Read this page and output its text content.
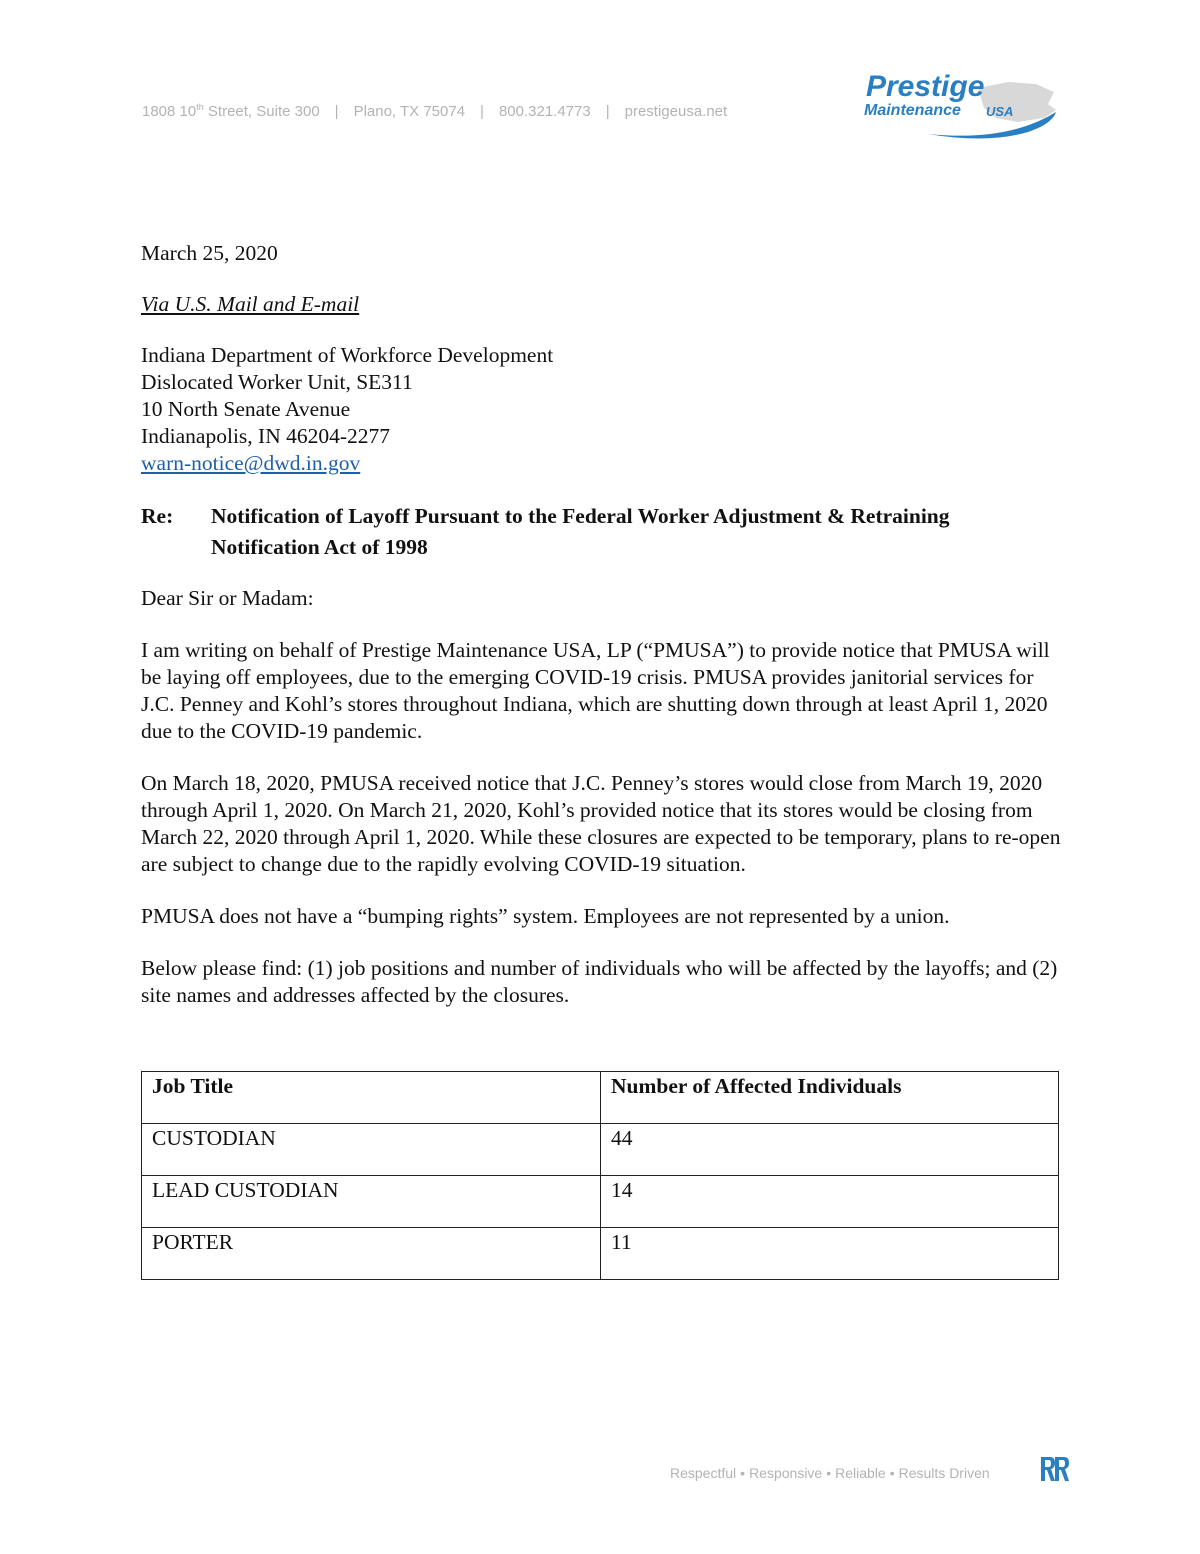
1808 10th Street, Suite 300 | Plano, TX 75074 | 800.321.4773 | prestigeusa.net
Prestige
Maintenance USA

March 25, 2020

Via U.S. Mail and E-mail

Indiana Department of Workforce Development

Dislocated Worker Unit, SE311

10 North Senate Avenue

Indianapolis, IN 46204-2277

warn-notice@dwd.in.gov

Re:	Notification of Layoff Pursuant to the Federal Worker Adjustment & Retraining Notification Act of 1998

Dear Sir or Madam:

I am writing on behalf of Prestige Maintenance USA, LP (“PMUSA”) to provide notice that PMUSA will be laying off employees, due to the emerging COVID-19 crisis. PMUSA provides janitorial services for J.C. Penney and Kohl’s stores throughout Indiana, which are shutting down through at least April 1, 2020 due to the COVID-19 pandemic.

On March 18, 2020, PMUSA received notice that J.C. Penney’s stores would close from March 19, 2020 through April 1, 2020. On March 21, 2020, Kohl’s provided notice that its stores would be closing from March 22, 2020 through April 1, 2020. While these closures are expected to be temporary, plans to re-open are subject to change due to the rapidly evolving COVID-19 situation.

PMUSA does not have a “bumping rights” system. Employees are not represented by a union.

Below please find: (1) job positions and number of individuals who will be affected by the layoffs; and (2) site names and addresses affected by the closures.

Job Title	Number of Affected Individuals
CUSTODIAN	44
LEAD CUSTODIAN	14
PORTER	11
Respectful • Responsive • Reliable • Results Driven
